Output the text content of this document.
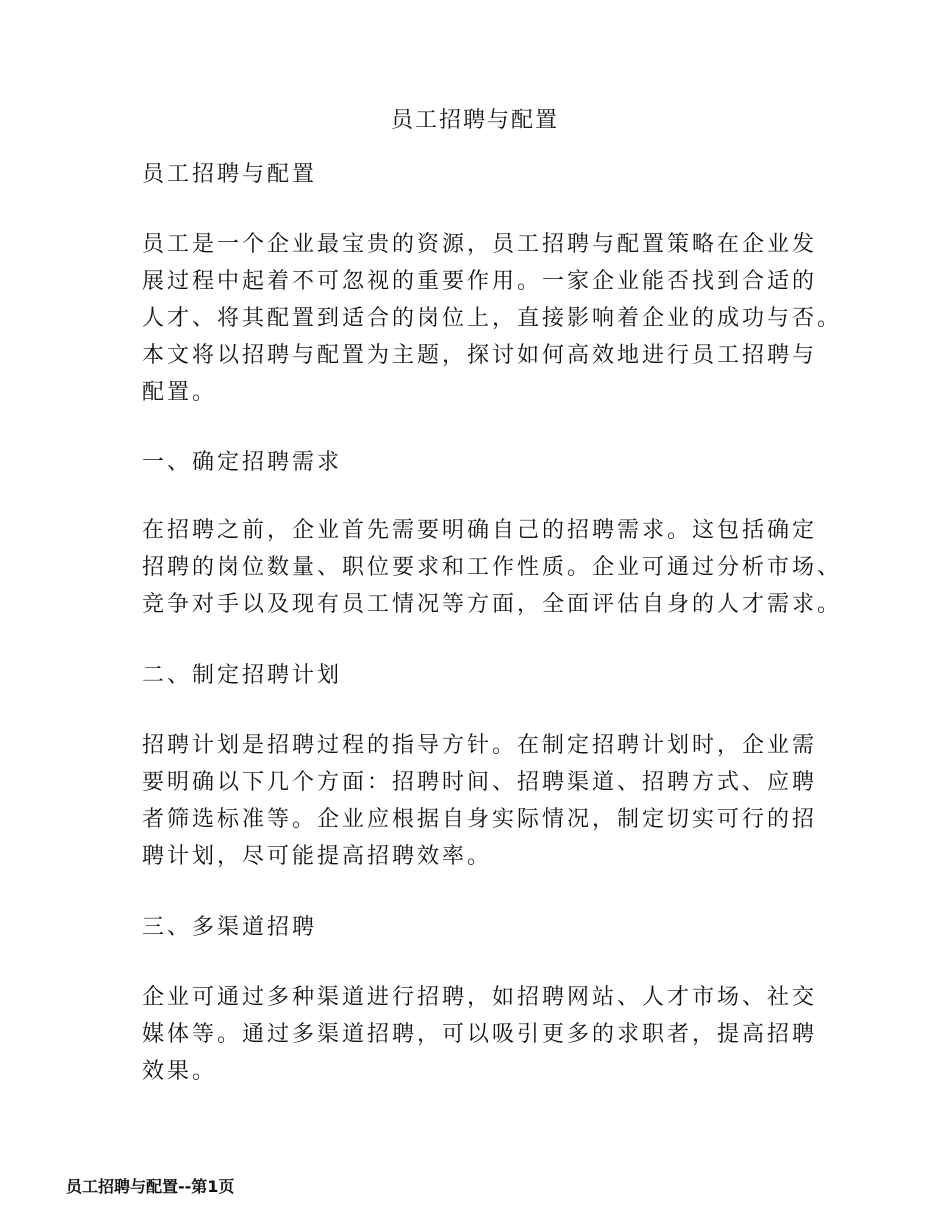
员工招聘与配置
员工招聘与配置
员工是一个企业最宝贵的资源，员工招聘与配置策略在企业发
展过程中起着不可忽视的重要作用。一家企业能否找到合适的
人才、将其配置到适合的岗位上，直接影响着企业的成功与否。
本文将以招聘与配置为主题，探讨如何高效地进行员工招聘与
配置。
一、确定招聘需求
在招聘之前，企业首先需要明确自己的招聘需求。这包括确定
招聘的岗位数量、职位要求和工作性质。企业可通过分析市场、
竞争对手以及现有员工情况等方面，全面评估自身的人才需求。
二、制定招聘计划
招聘计划是招聘过程的指导方针。在制定招聘计划时，企业需
要明确以下几个方面：招聘时间、招聘渠道、招聘方式、应聘
者筛选标准等。企业应根据自身实际情况，制定切实可行的招
聘计划，尽可能提高招聘效率。
三、多渠道招聘
企业可通过多种渠道进行招聘，如招聘网站、人才市场、社交
媒体等。通过多渠道招聘，可以吸引更多的求职者，提高招聘
效果。
员工招聘与配置--第1页
